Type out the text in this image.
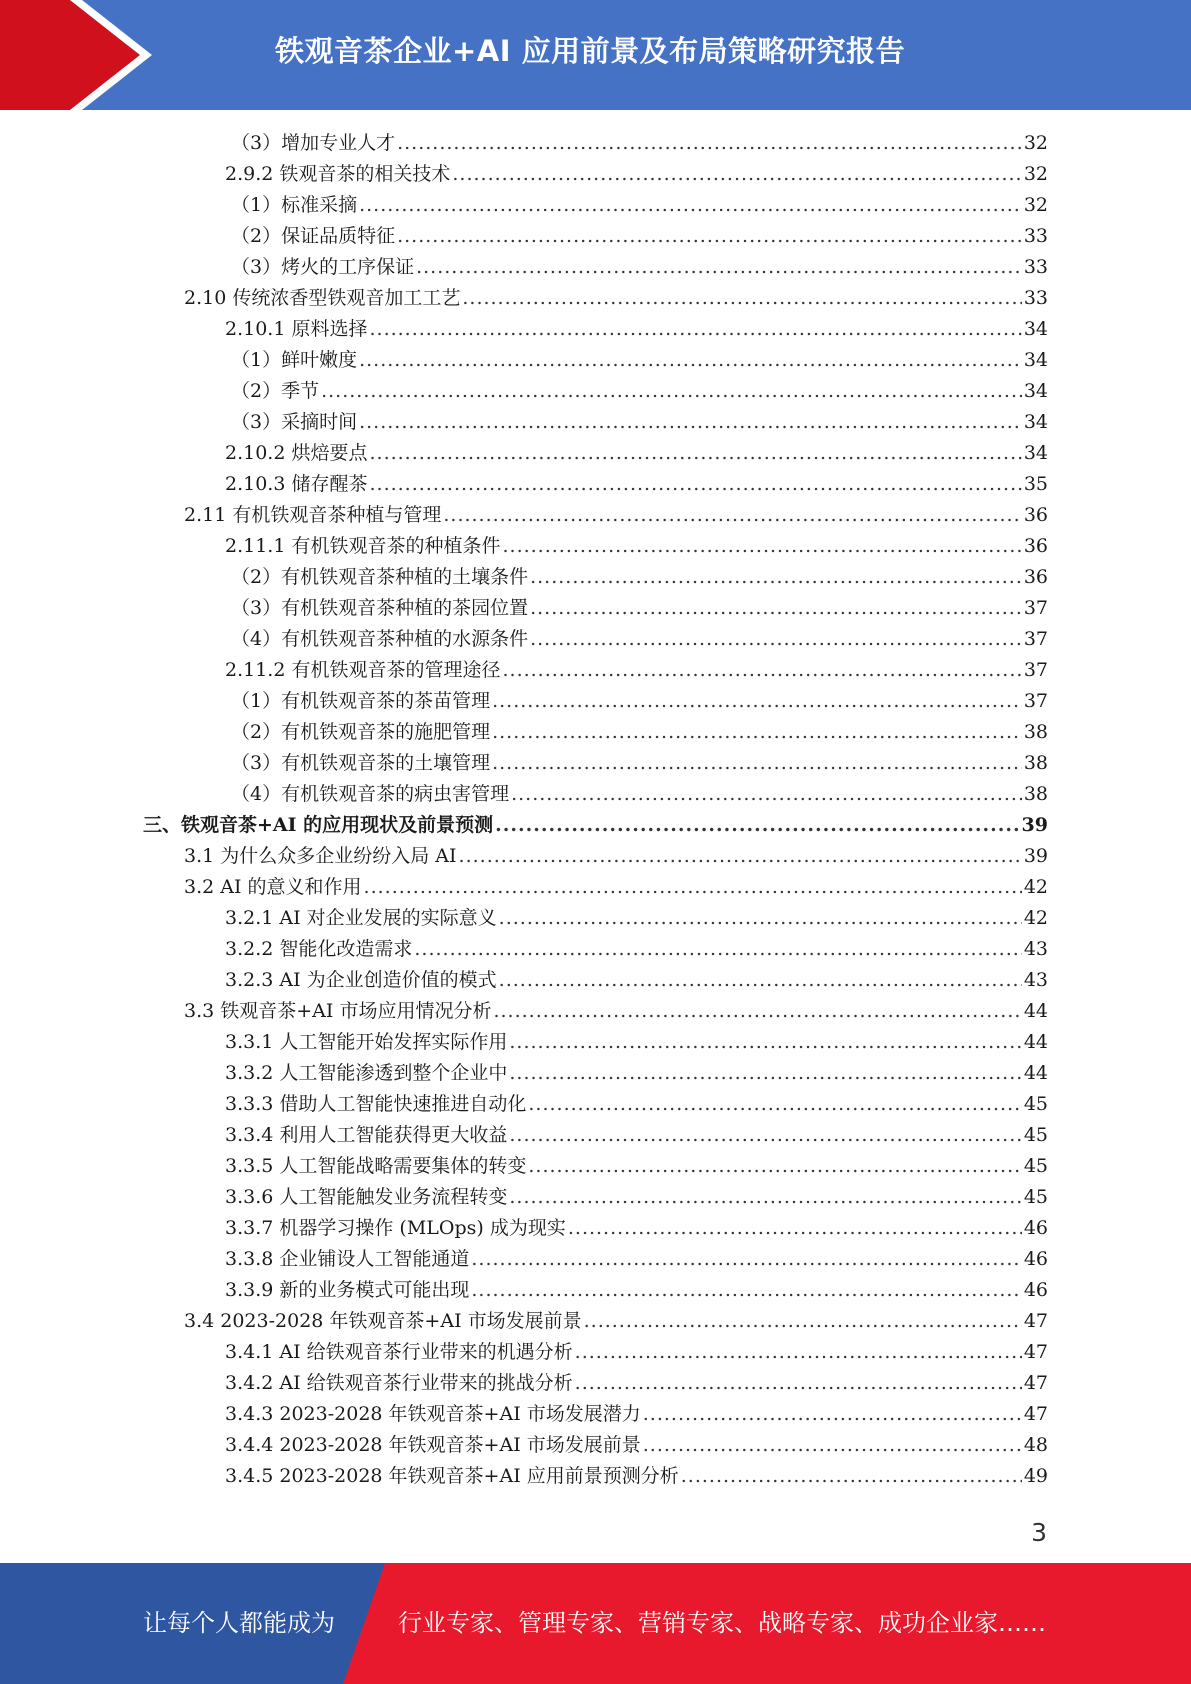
铁观音茶企业+AI 应用前景及布局策略研究报告
（3）增加专业人才 .....	32
2.9.2 铁观音茶的相关技术 .....	32
（1）标准采摘 .....	32
（2）保证品质特征 .....	33
（3）烤火的工序保证 .....	33
2.10 传统浓香型铁观音加工工艺 .....	33
2.10.1 原料选择 .....	34
（1）鲜叶嫩度 .....	34
（2）季节 .....	34
（3）采摘时间 .....	34
2.10.2 烘焙要点 .....	34
2.10.3 储存醒茶 .....	35
2.11 有机铁观音茶种植与管理 .....	36
2.11.1 有机铁观音茶的种植条件 .....	36
（2）有机铁观音茶种植的土壤条件 .....	36
（3）有机铁观音茶种植的茶园位置 .....	37
（4）有机铁观音茶种植的水源条件 .....	37
2.11.2 有机铁观音茶的管理途径 .....	37
（1）有机铁观音茶的茶苗管理 .....	37
（2）有机铁观音茶的施肥管理 .....	38
（3）有机铁观音茶的土壤管理 .....	38
（4）有机铁观音茶的病虫害管理 .....	38
三、铁观音茶+AI 的应用现状及前景预测 .....	39
3.1 为什么众多企业纷纷入局 AI .....	39
3.2 AI 的意义和作用 .....	42
3.2.1 AI 对企业发展的实际意义 .....	42
3.2.2 智能化改造需求 .....	43
3.2.3 AI 为企业创造价值的模式 .....	43
3.3 铁观音茶+AI 市场应用情况分析 .....	44
3.3.1 人工智能开始发挥实际作用 .....	44
3.3.2 人工智能渗透到整个企业中 .....	44
3.3.3 借助人工智能快速推进自动化 .....	45
3.3.4 利用人工智能获得更大收益 .....	45
3.3.5 人工智能战略需要集体的转变 .....	45
3.3.6 人工智能触发业务流程转变 .....	45
3.3.7 机器学习操作 (MLOps) 成为现实 .....	46
3.3.8 企业铺设人工智能通道 .....	46
3.3.9 新的业务模式可能出现 .....	46
3.4 2023-2028 年铁观音茶+AI 市场发展前景 .....	47
3.4.1 AI 给铁观音茶行业带来的机遇分析 .....	47
3.4.2 AI 给铁观音茶行业带来的挑战分析 .....	47
3.4.3 2023-2028 年铁观音茶+AI 市场发展潜力 .....	47
3.4.4 2023-2028 年铁观音茶+AI 市场发展前景 .....	48
3.4.5 2023-2028 年铁观音茶+AI 应用前景预测分析 .....	49
3
让每个人都能成为	行业专家、管理专家、营销专家、战略专家、成功企业家……
